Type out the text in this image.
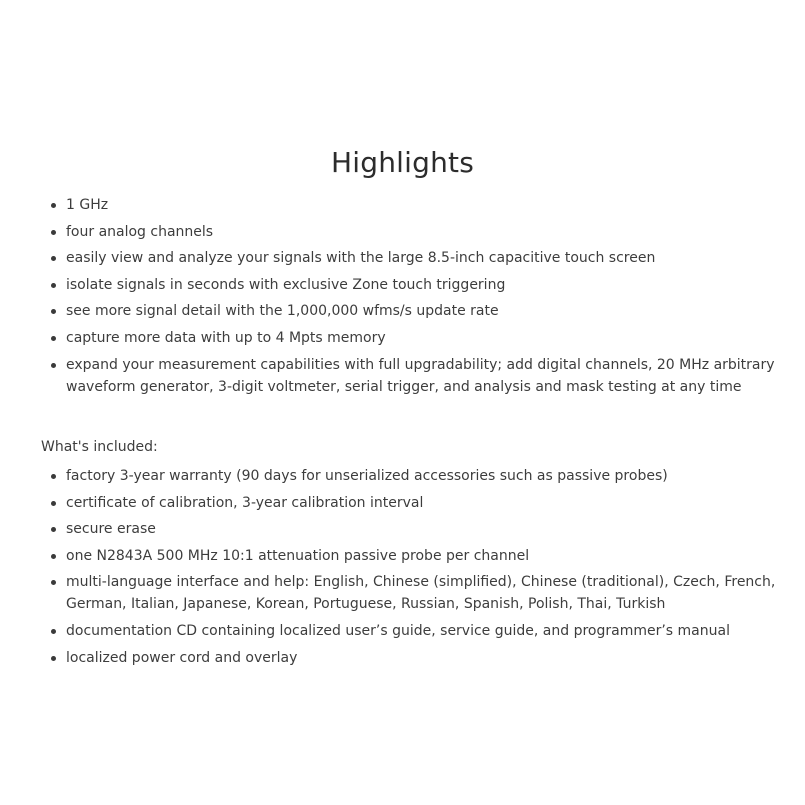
Highlights
1 GHz
four analog channels
easily view and analyze your signals with the large 8.5-inch capacitive touch screen
isolate signals in seconds with exclusive Zone touch triggering
see more signal detail with the 1,000,000 wfms/s update rate
capture more data with up to 4 Mpts memory
expand your measurement capabilities with full upgradability; add digital channels, 20 MHz arbitrary waveform generator, 3-digit voltmeter, serial trigger, and analysis and mask testing at any time

What's included:

factory 3-year warranty (90 days for unserialized accessories such as passive probes)
certificate of calibration, 3-year calibration interval
secure erase
one N2843A 500 MHz 10:1 attenuation passive probe per channel
multi-language interface and help: English, Chinese (simplified), Chinese (traditional), Czech, French, German, Italian, Japanese, Korean, Portuguese, Russian, Spanish, Polish, Thai, Turkish
documentation CD containing localized user’s guide, service guide, and programmer’s manual
localized power cord and overlay
